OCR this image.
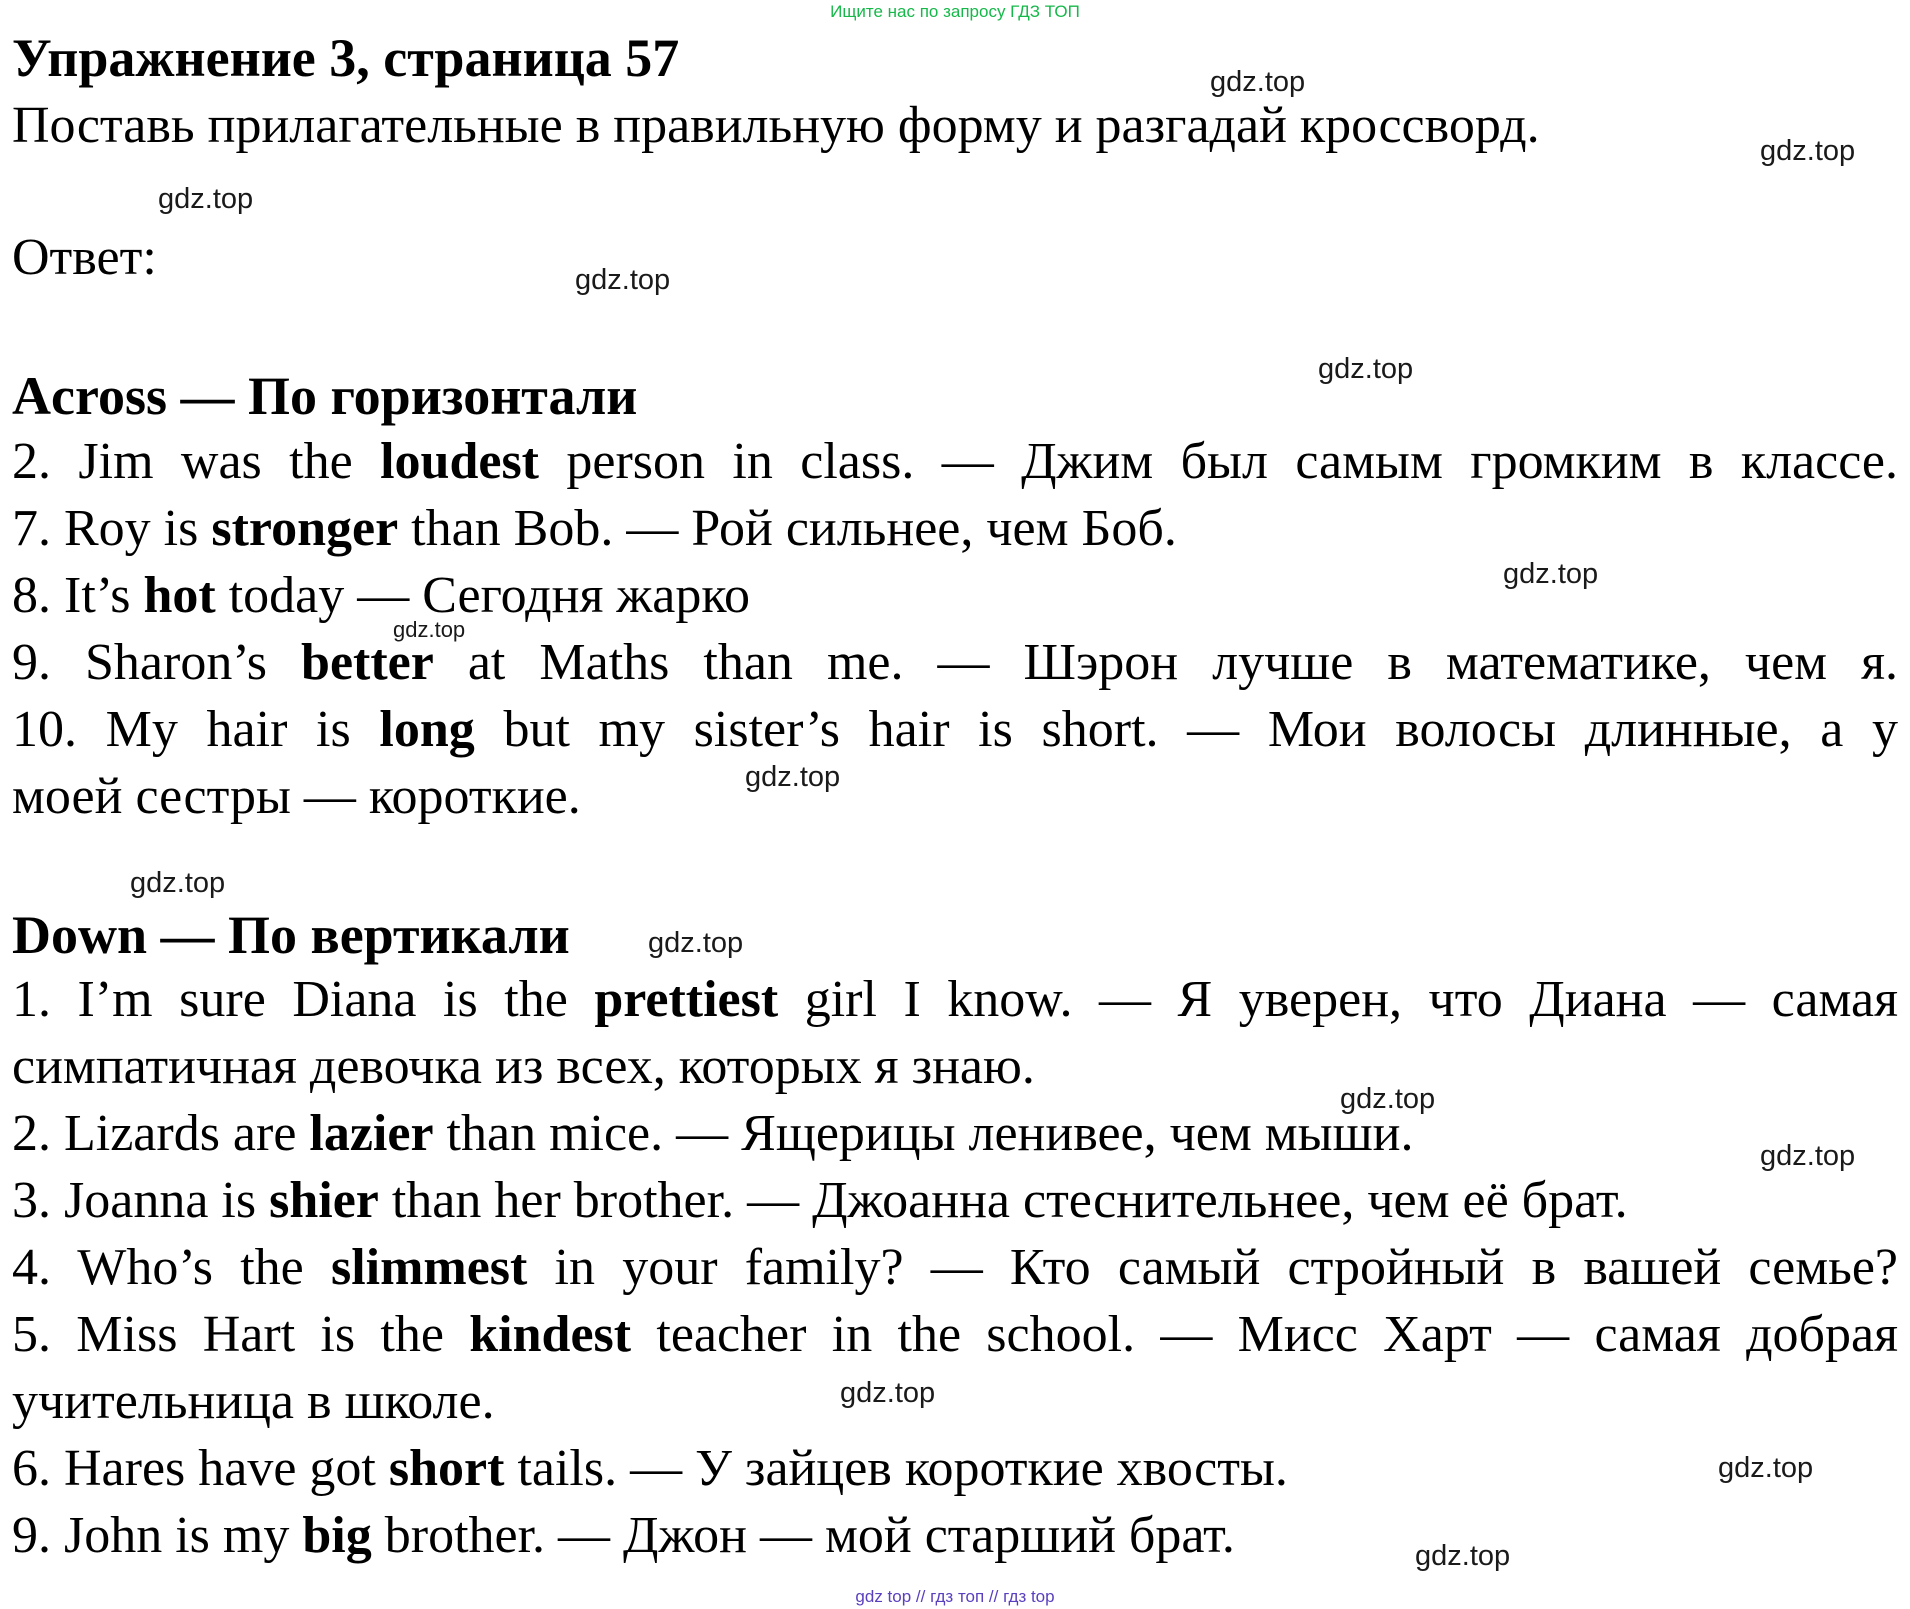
Ищите нас по запросу ГДЗ ТОП
Упражнение 3, страница 57
Поставь прилагательные в правильную форму и разгадай кроссворд.
Ответ:
Across — По горизонтали
2. Jim was the loudest person in class. — Джим был самым громким в классе.
7. Roy is stronger than Bob. — Рой сильнее, чем Боб.
8. It’s hot today — Сегодня жарко
9. Sharon’s better at Maths than me. — Шэрон лучше в математике, чем я.
10. My hair is long but my sister’s hair is short. — Мои волосы длинные, а у
моей сестры — короткие.
Down — По вертикали
1. I’m sure Diana is the prettiest girl I know. — Я уверен, что Диана — самая
симпатичная девочка из всех, которых я знаю.
2. Lizards are lazier than mice. — Ящерицы ленивее, чем мыши.
3. Joanna is shier than her brother. — Джоанна стеснительнее, чем её брат.
4. Who’s the slimmest in your family? — Кто самый стройный в вашей семье?
5. Miss Hart is the kindest teacher in the school. — Мисс Харт — самая добрая
учительница в школе.
6. Hares have got short tails. — У зайцев короткие хвосты.
9. John is my big brother. — Джон — мой старший брат.
gdz.top
gdz.top
gdz.top
gdz.top
gdz.top
gdz.top
gdz.top
gdz.top
gdz.top
gdz.top
gdz.top
gdz.top
gdz.top
gdz.top
gdz.top
gdz top // гдз топ // гдз top
